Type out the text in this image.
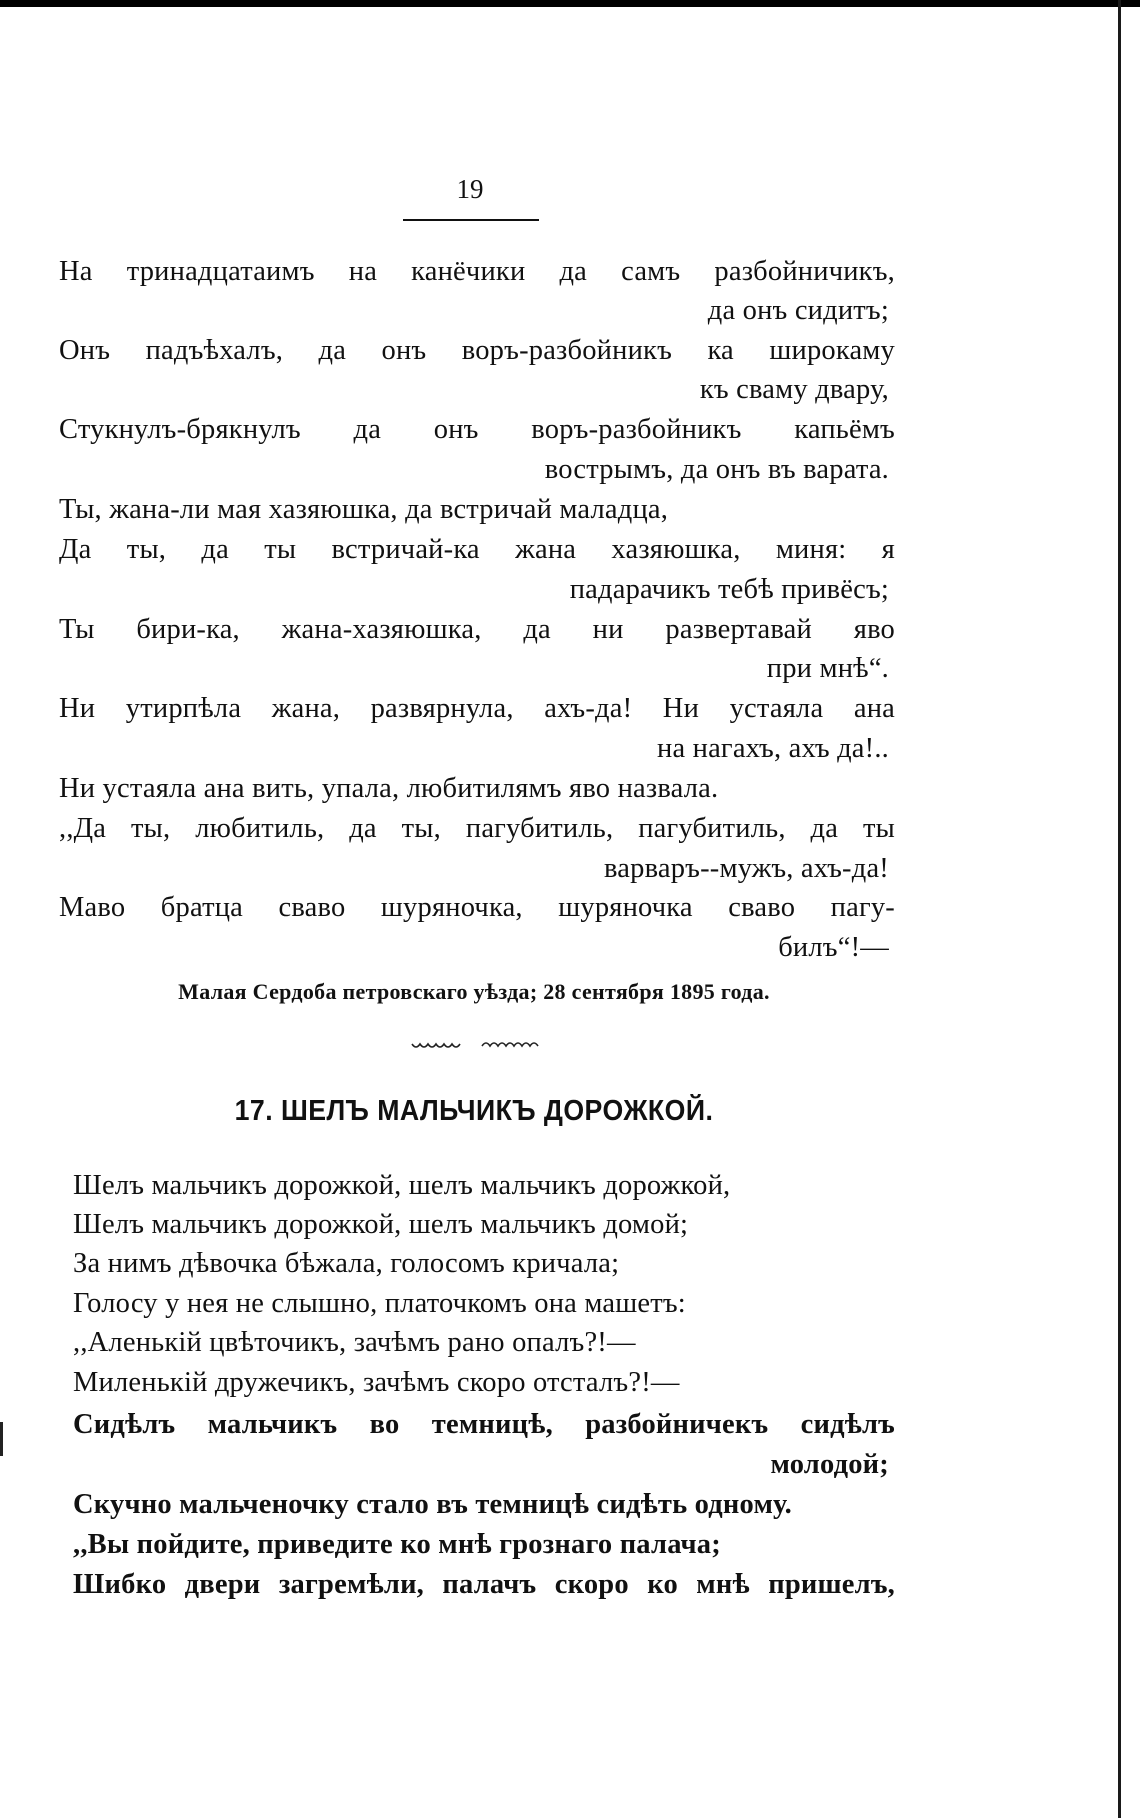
19
На тринадцатаимъ на канёчики да самъ разбойничикъ,
да онъ сидитъ;
Онъ падъѣхалъ, да онъ воръ-разбойникъ ка широкаму
къ сваму двару,
Стукнулъ-брякнулъ да онъ воръ-разбойникъ капьёмъ
вострымъ, да онъ въ варата.
Ты, жана-ли мая хазяюшка, да встричай маладца,
Да ты, да ты встричай-ка жана хазяюшка, миня: я
падарачикъ тебѣ привёсъ;
Ты бири-ка, жана-хазяюшка, да ни развертавай яво
при мнѣ“.
Ни утирпѣла жана, развярнула, ахъ-да! Ни устаяла ана
на нагахъ, ахъ да!..
Ни устаяла ана вить, упала, любитилямъ яво назвала.
,,Да ты, любитиль, да ты, пагубитиль, пагубитиль, да ты
варваръ--мужъ, ахъ-да!
Маво братца сваво шуряночка, шуряночка сваво пагу-
билъ“!—
Малая Сердоба петровскаго уѣзда; 28 сентября 1895 года.
17. ШЕЛЪ МАЛЬЧИКЪ ДОРОЖКОЙ.
Шелъ мальчикъ дорожкой, шелъ мальчикъ дорожкой,
Шелъ мальчикъ дорожкой, шелъ мальчикъ домой;
За нимъ дѣвочка бѣжала, голосомъ кричала;
Голосу у нея не слышно, платочкомъ она машетъ:
,,Аленькій цвѣточикъ, зачѣмъ рано опалъ?!—
Миленькій дружечикъ, зачѣмъ скоро отсталъ?!—
Сидѣлъ мальчикъ во темницѣ, разбойничекъ сидѣлъ
молодой;
Скучно мальченочку стало въ темницѣ сидѣть одному.
,,Вы пойдите, приведите ко мнѣ грознаго палача;
Шибко двери загремѣли, палачъ скоро ко мнѣ пришелъ,
